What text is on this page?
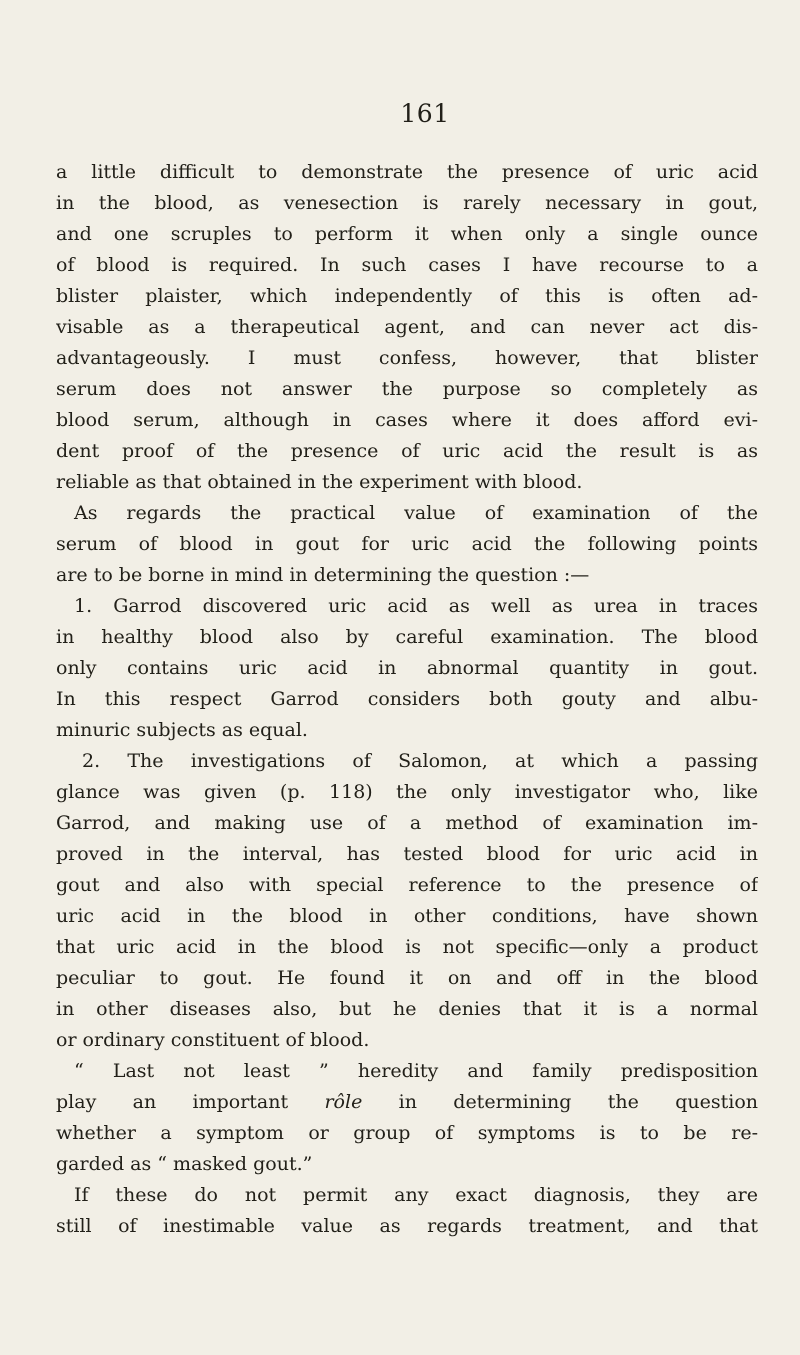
161
a little difficult to demonstrate the presence of uric acid
in the blood, as venesection is rarely necessary in gout,
and one scruples to perform it when only a single ounce
of blood is required. In such cases I have recourse to a
blister plaister, which independently of this is often ad-
visable as a therapeutical agent, and can never act dis-
advantageously. I must confess, however, that blister
serum does not answer the purpose so completely as
blood serum, although in cases where it does afford evi-
dent proof of the presence of uric acid the result is as
reliable as that obtained in the experiment with blood.
As regards the practical value of examination of the
serum of blood in gout for uric acid the following points
are to be borne in mind in determining the question :—
1. Garrod discovered uric acid as well as urea in traces
in healthy blood also by careful examination. The blood
only contains uric acid in abnormal quantity in gout.
In this respect Garrod considers both gouty and albu-
minuric subjects as equal.
2. The investigations of Salomon, at which a passing
glance was given (p. 118) the only investigator who, like
Garrod, and making use of a method of examination im-
proved in the interval, has tested blood for uric acid in
gout and also with special reference to the presence of
uric acid in the blood in other conditions, have shown
that uric acid in the blood is not specific—only a product
peculiar to gout. He found it on and off in the blood
in other diseases also, but he denies that it is a normal
or ordinary constituent of blood.
“ Last not least ” heredity and family predisposition
play an important rôle in determining the question
whether a symptom or group of symptoms is to be re-
garded as “ masked gout.”
If these do not permit any exact diagnosis, they are
still of inestimable value as regards treatment, and that
